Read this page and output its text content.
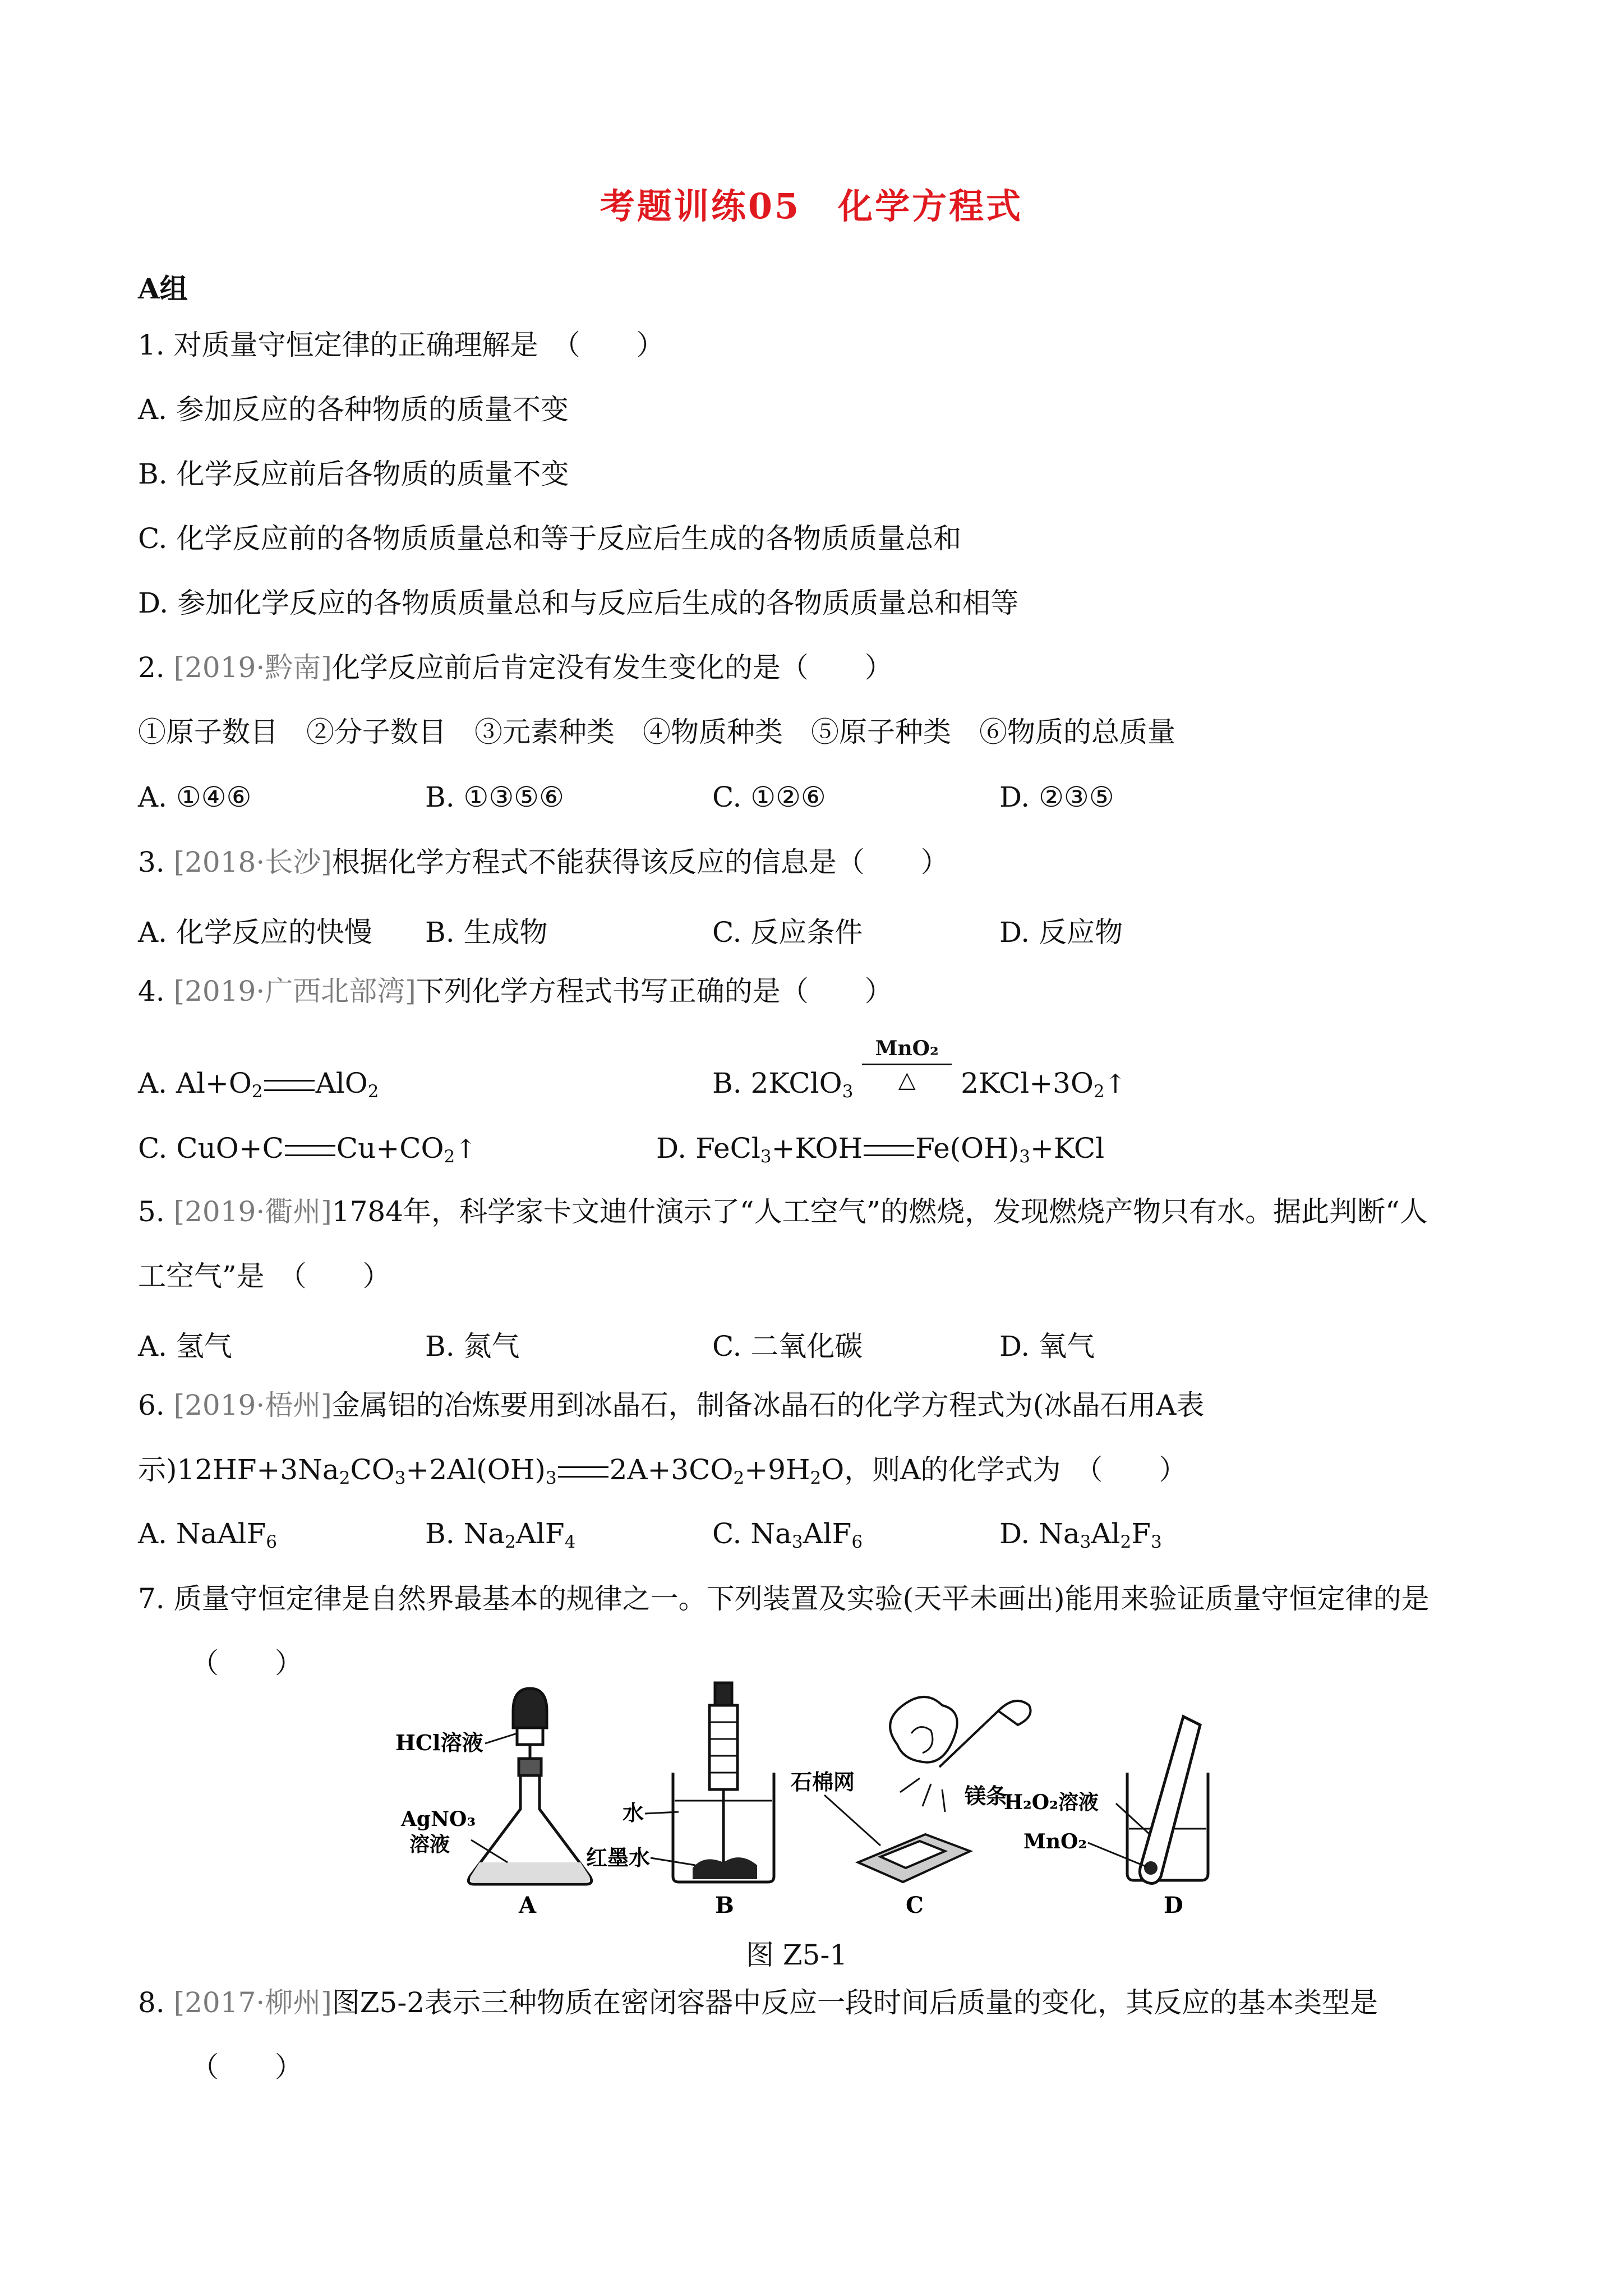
考题训练05　化学方程式
A组
1. 对质量守恒定律的正确理解是　（　　）
A. 参加反应的各种物质的质量不变
B. 化学反应前后各物质的质量不变
C. 化学反应前的各物质质量总和等于反应后生成的各物质质量总和
D. 参加化学反应的各物质质量总和与反应后生成的各物质质量总和相等
2. [2019·黔南]化学反应前后肯定没有发生变化的是（　　）
①原子数目　②分子数目　③元素种类　④物质种类　⑤原子种类　⑥物质的总质量
A. ①④⑥	B. ①③⑤⑥	C. ①②⑥	D. ②③⑤
3. [2018·长沙]根据化学方程式不能获得该反应的信息是（　　）
A. 化学反应的快慢 B. 生成物	C. 反应条件	D. 反应物
4. [2019·广西北部湾]下列化学方程式书写正确的是（　　）
A. $Al+O_2$ AlO$_2$	B. 2KClO$_3$
MnO₂
△	$2KCl+3O_2↑$
C. CuO+C $Cu+CO_2↑$	D. FeCl$_3$+KOH $Fe(OH)_3+KCl$
5. [2019·衢州]1784年，科学家卡文迪什演示了“人工空气”的燃烧，发现燃烧产物只有水。据此判断“人
工空气”是　（　　）
A. 氢气	B. 氮气	C. 二氧化碳	D. 氧气
6. [2019·梧州]金属铝的冶炼要用到冰晶石，制备冰晶石的化学方程式为(冰晶石用A表
示)$12HF+3Na_2CO_3+2Al(OH)_3$ $2A+3CO_2+9H_2O$，则A的化学式为　（　　）
A. NaAlF$_6$	B. $Na_2AlF_4$	C. $Na_3AlF_6$	D. $Na_3Al_2F_3$
7. 质量守恒定律是自然界最基本的规律之一。下列装置及实验(天平未画出)能用来验证质量守恒定律的是
（　　）
HCl溶液
AgNO₃
溶液
A
水
红墨水
B
石棉网
镁条
C
H₂O₂溶液
MnO₂
D
图 Z5-1
8. [2017·柳州]图Z5-2表示三种物质在密闭容器中反应一段时间后质量的变化，其反应的基本类型是
（　　）
